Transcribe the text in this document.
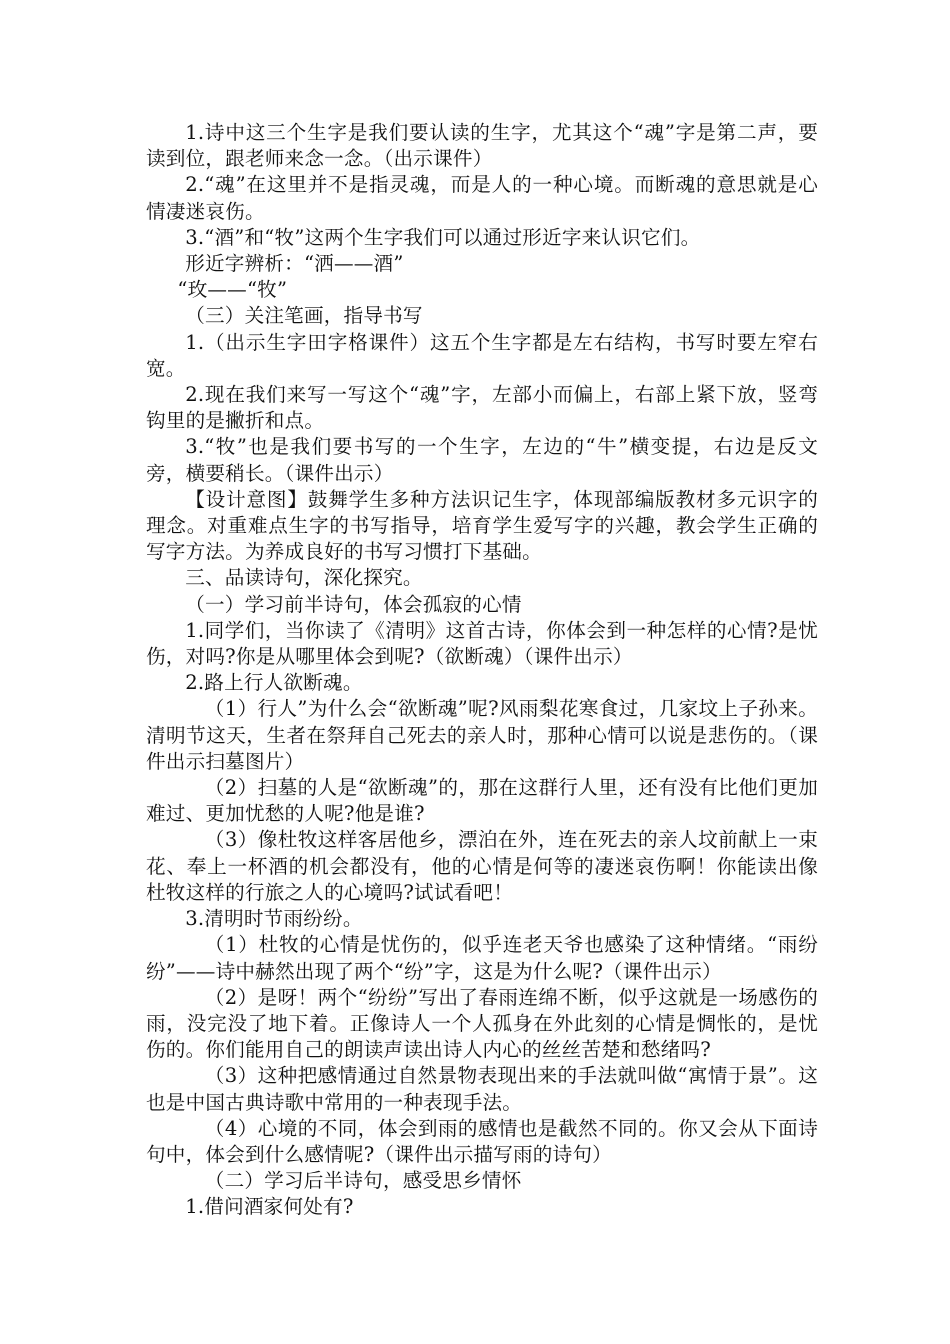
1.诗中这三个生字是我们要认读的生字，尤其这个“魂”字是第二声，要读到位，跟老师来念一念。（出示课件）

2.“魂”在这里并不是指灵魂，而是人的一种心境。而断魂的意思就是心情凄迷哀伤。

3.“酒”和“牧”这两个生字我们可以通过形近字来认识它们。

形近字辨析：“洒——酒”

“玫——“牧”

（三）关注笔画，指导书写

1.（出示生字田字格课件）这五个生字都是左右结构，书写时要左窄右宽。

2.现在我们来写一写这个“魂”字，左部小而偏上，右部上紧下放，竖弯钩里的是撇折和点。

3.“牧”也是我们要书写的一个生字，左边的“牛”横变提，右边是反文旁，横要稍长。（课件出示）

【设计意图】鼓舞学生多种方法识记生字，体现部编版教材多元识字的理念。对重难点生字的书写指导，培育学生爱写字的兴趣，教会学生正确的写字方法。为养成良好的书写习惯打下基础。

三、品读诗句，深化探究。

（一）学习前半诗句，体会孤寂的心情

1.同学们，当你读了《清明》这首古诗，你体会到一种怎样的心情?是忧伤，对吗?你是从哪里体会到呢?（欲断魂）（课件出示）

2.路上行人欲断魂。

（1）行人”为什么会“欲断魂”呢?风雨梨花寒食过，几家坟上子孙来。清明节这天，生者在祭拜自己死去的亲人时，那种心情可以说是悲伤的。（课件出示扫墓图片）

（2）扫墓的人是“欲断魂”的，那在这群行人里，还有没有比他们更加难过、更加忧愁的人呢?他是谁?

（3）像杜牧这样客居他乡，漂泊在外，连在死去的亲人坟前献上一束花、奉上一杯酒的机会都没有，他的心情是何等的凄迷哀伤啊！你能读出像杜牧这样的行旅之人的心境吗?试试看吧！

3.清明时节雨纷纷。

（1）杜牧的心情是忧伤的，似乎连老天爷也感染了这种情绪。“雨纷纷”——诗中赫然出现了两个“纷”字，这是为什么呢?（课件出示）

（2）是呀！两个“纷纷”写出了春雨连绵不断，似乎这就是一场感伤的雨，没完没了地下着。正像诗人一个人孤身在外此刻的心情是惆怅的，是忧伤的。你们能用自己的朗读声读出诗人内心的丝丝苦楚和愁绪吗?

（3）这种把感情通过自然景物表现出来的手法就叫做“寓情于景”。这也是中国古典诗歌中常用的一种表现手法。

（4）心境的不同，体会到雨的感情也是截然不同的。你又会从下面诗句中，体会到什么感情呢?（课件出示描写雨的诗句）

（二）学习后半诗句，感受思乡情怀

1.借问酒家何处有?
